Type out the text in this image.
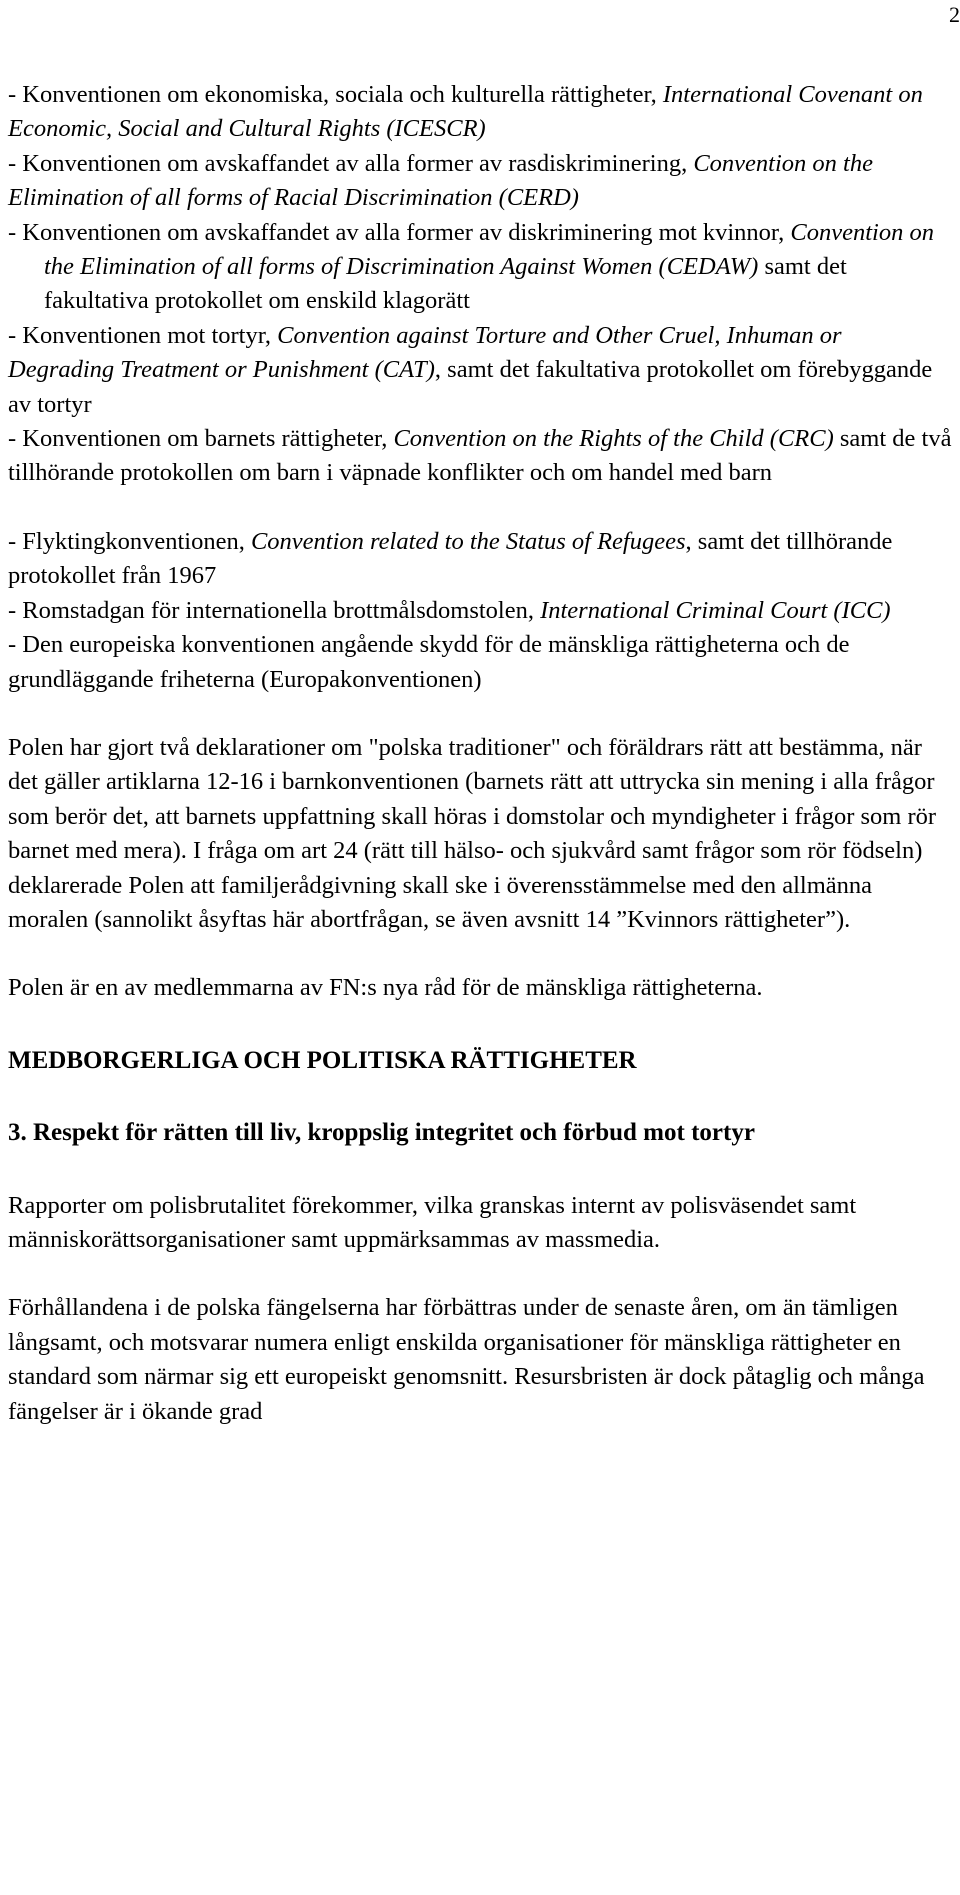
2
- Konventionen om ekonomiska, sociala och kulturella rättigheter, International Covenant on Economic, Social and Cultural Rights (ICESCR)
- Konventionen om avskaffandet av alla former av rasdiskriminering, Convention on the Elimination of all forms of Racial Discrimination (CERD)
- Konventionen om avskaffandet av alla former av diskriminering mot kvinnor, Convention on the Elimination of all forms of Discrimination Against Women (CEDAW) samt det fakultativa protokollet om enskild klagorätt
- Konventionen mot tortyr, Convention against Torture and Other Cruel, Inhuman or Degrading Treatment or Punishment (CAT), samt det fakultativa protokollet om förebyggande av tortyr
- Konventionen om barnets rättigheter, Convention on the Rights of the Child (CRC) samt de två tillhörande protokollen om barn i väpnade konflikter och om handel med barn
- Flyktingkonventionen, Convention related to the Status of Refugees, samt det tillhörande protokollet från 1967
- Romstadgan för internationella brottmålsdomstolen, International Criminal Court (ICC)
- Den europeiska konventionen angående skydd för de mänskliga rättigheterna och de grundläggande friheterna (Europakonventionen)

Polen har gjort två deklarationer om "polska traditioner" och föräldrars rätt att bestämma, när det gäller artiklarna 12-16 i barnkonventionen (barnets rätt att uttrycka sin mening i alla frågor som berör det, att barnets uppfattning skall höras i domstolar och myndigheter i frågor som rör barnet med mera). I fråga om art 24 (rätt till hälso- och sjukvård samt frågor som rör födseln) deklarerade Polen att familjerådgivning skall ske i överensstämmelse med den allmänna moralen (sannolikt åsyftas här abortfrågan, se även avsnitt 14 ”Kvinnors rättigheter”).

Polen är en av medlemmarna av FN:s nya råd för de mänskliga rättigheterna.

MEDBORGERLIGA OCH POLITISKA RÄTTIGHETER
3. Respekt för rätten till liv, kroppslig integritet och förbud mot tortyr

Rapporter om polisbrutalitet förekommer, vilka granskas internt av polisväsendet samt människorättsorganisationer samt uppmärksammas av massmedia.

Förhållandena i de polska fängelserna har förbättras under de senaste åren, om än tämligen långsamt, och motsvarar numera enligt enskilda organisationer för mänskliga rättigheter en standard som närmar sig ett europeiskt genomsnitt. Resursbristen är dock påtaglig och många fängelser är i ökande grad
